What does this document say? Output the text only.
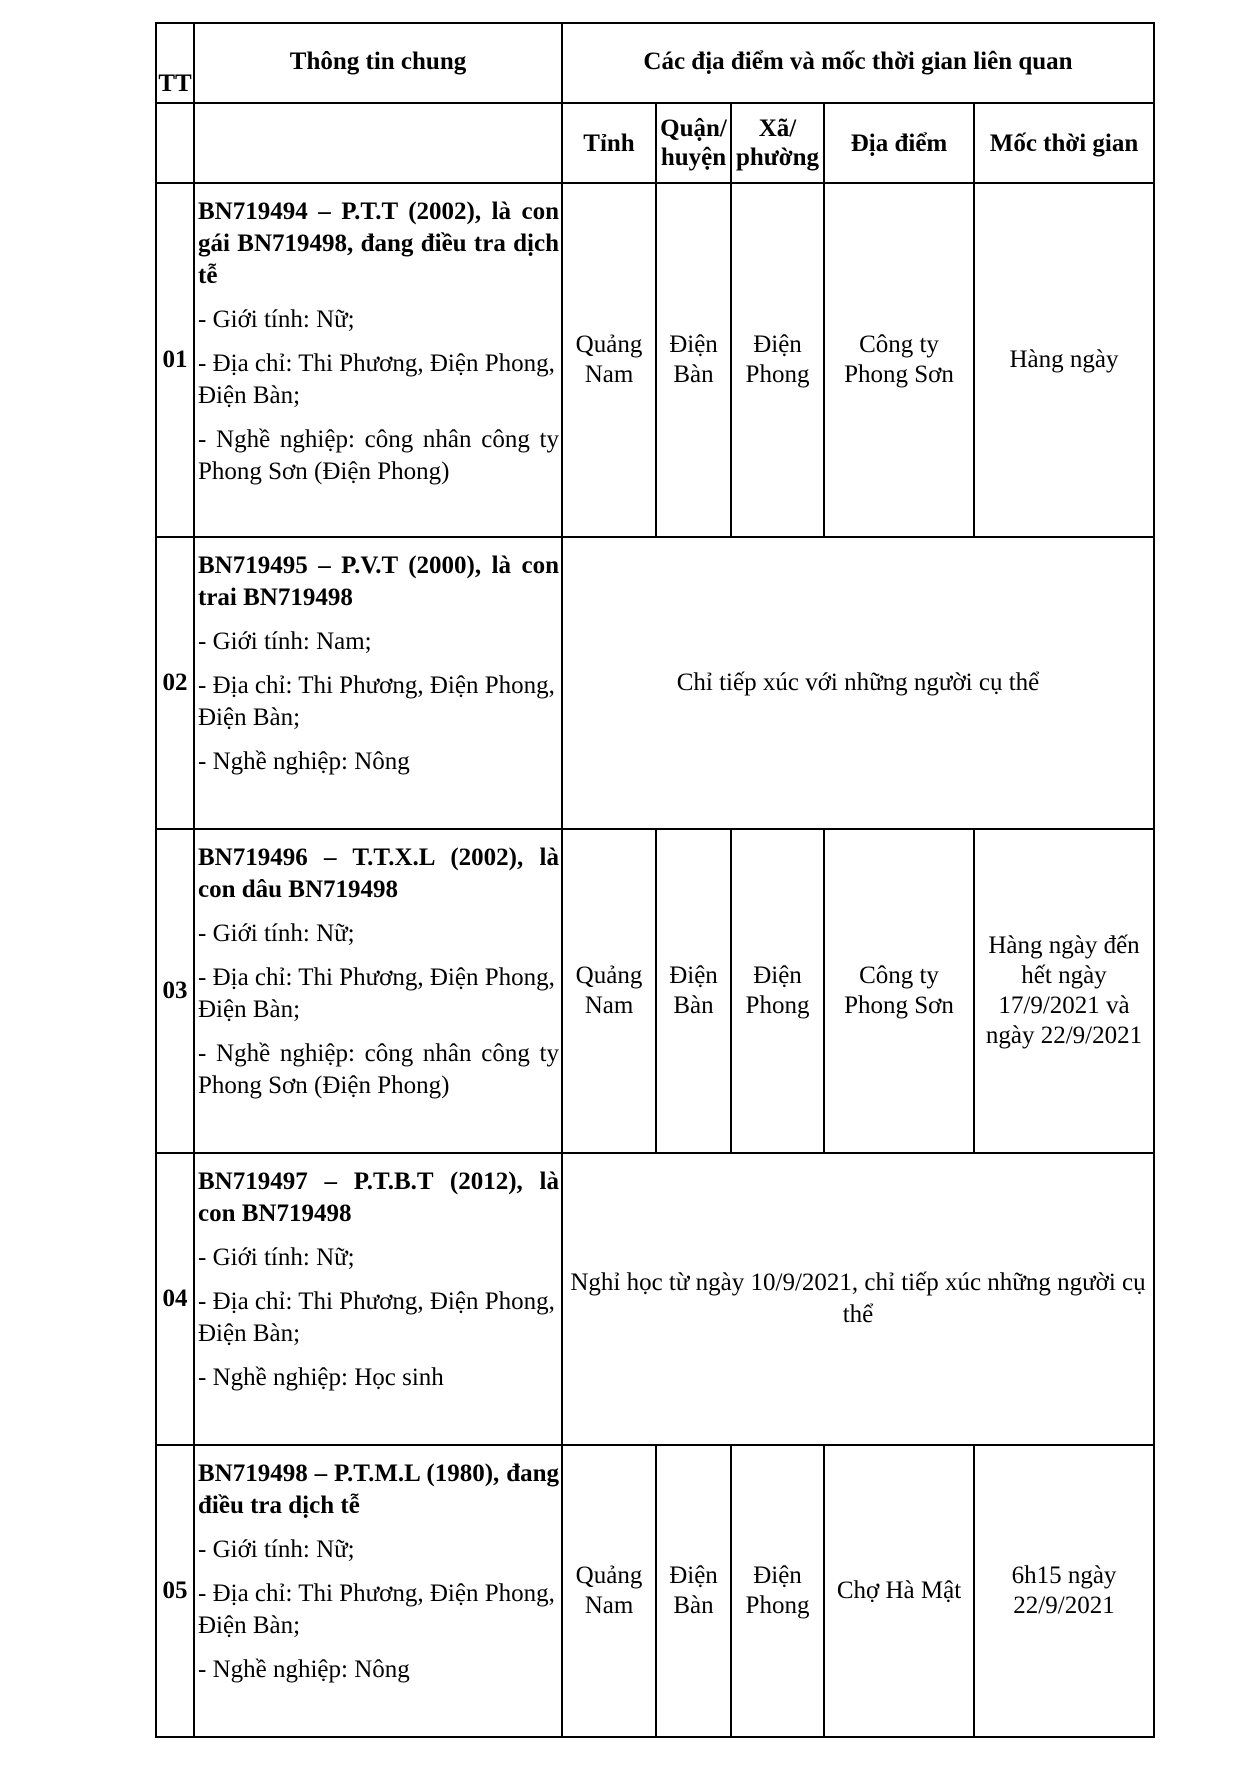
TT	Thông tin chung	Các địa điểm và mốc thời gian liên quan				
		Tỉnh	Quận/ huyện	Xã/ phường	Địa điểm	Mốc thời gian
01	BN719494 – P.T.T (2002), là con gái BN719498, đang điều tra dịch tễ
- Giới tính: Nữ;
- Địa chỉ: Thi Phương, Điện Phong,
Điện Bàn;
- Nghề nghiệp: công nhân công ty Phong Sơn (Điện Phong)	Quảng Nam	Điện Bàn	Điện Phong	Công ty Phong Sơn	Hàng ngày
02	BN719495 – P.V.T (2000), là con trai BN719498
- Giới tính: Nam;
- Địa chỉ: Thi Phương, Điện Phong,
Điện Bàn;
- Nghề nghiệp: Nông	Chỉ tiếp xúc với những người cụ thể				
03	BN719496 – T.T.X.L (2002), là con dâu BN719498
- Giới tính: Nữ;
- Địa chỉ: Thi Phương, Điện Phong,
Điện Bàn;
- Nghề nghiệp: công nhân công ty Phong Sơn (Điện Phong)	Quảng Nam	Điện Bàn	Điện Phong	Công ty Phong Sơn	Hàng ngày đến hết ngày 17/9/2021 và ngày 22/9/2021
04	BN719497 – P.T.B.T (2012), là con BN719498
- Giới tính: Nữ;
- Địa chỉ: Thi Phương, Điện Phong,
Điện Bàn;
- Nghề nghiệp: Học sinh	Nghỉ học từ ngày 10/9/2021, chỉ tiếp xúc những người cụ thể				
05	BN719498 – P.T.M.L (1980), đang điều tra dịch tễ
- Giới tính: Nữ;
- Địa chỉ: Thi Phương, Điện Phong,
Điện Bàn;
- Nghề nghiệp: Nông	Quảng Nam	Điện Bàn	Điện Phong	Chợ Hà Mật	6h15 ngày 22/9/2021
